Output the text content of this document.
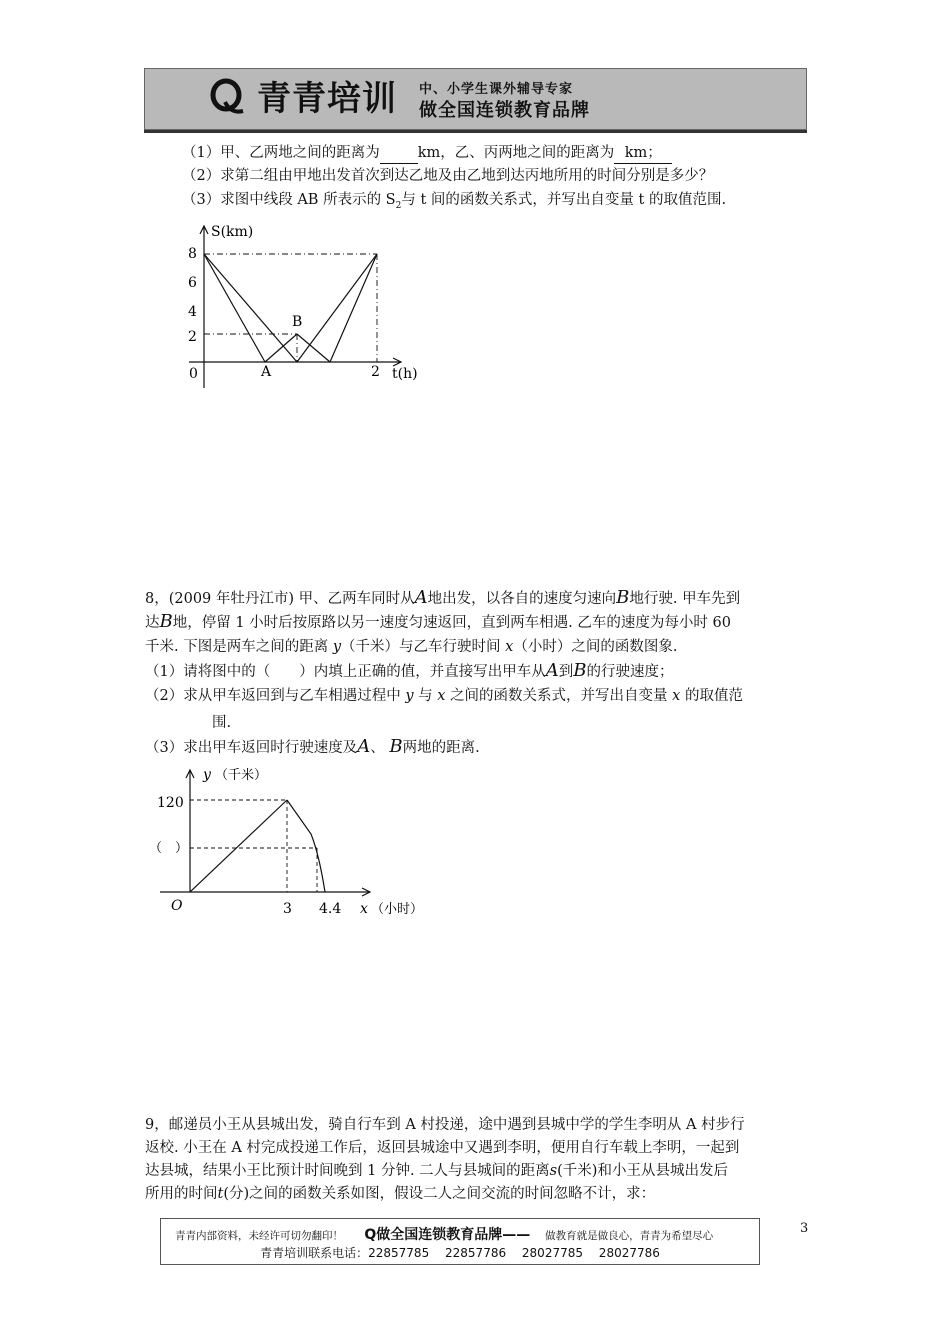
青青培训 中、小学生课外辅导专家
做全国连锁教育品牌
（1）甲、乙两地之间的距离为	km，乙、丙两地之间的距离为 km；
（2）求第二组由甲地出发首次到达乙地及由乙地到达丙地所用的时间分别是多少？
（3）求图中线段 AB 所表示的 $S_2$与 t 间的函数关系式，并写出自变量 t 的取值范围.
S(km)
8
6
4
2
0	A
B
2 t(h)
8，(2009 年牡丹江市) 甲、乙两车同时从A地出发，以各自的速度匀速向B地行驶. 甲车先到
达B地，停留 1 小时后按原路以另一速度匀速返回，直到两车相遇. 乙车的速度为每小时 60
千米. 下图是两车之间的距离 y（千米）与乙车行驶时间 x（小时）之间的函数图象.
（1）请将图中的（　　）内填上正确的值，并直接写出甲车从A到B的行驶速度；
（2）求从甲车返回到与乙车相遇过程中 y 与 x 之间的函数关系式，并写出自变量 x 的取值范
围.
（3）求出甲车返回时行驶速度及A、 B两地的距离.
y （千米）
120
（　）
O	3 4.4 x （小时）
9，邮递员小王从县城出发，骑自行车到 A 村投递，途中遇到县城中学的学生李明从 A 村步行
返校. 小王在 A 村完成投递工作后，返回县城途中又遇到李明，便用自行车载上李明，一起到
达县城，结果小王比预计时间晚到 1 分钟. 二人与县城间的距离s(千米)和小王从县城出发后
所用的时间t(分)之间的函数关系如图，假设二人之间交流的时间忽略不计，求：
青青内部资料，未经许可切勿翻印！ Q做全国连锁教育品牌—— 做教育就是做良心，青青为希望尽心
青青培训联系电话：22857785　 22857786　 28027785　 28027786
3
